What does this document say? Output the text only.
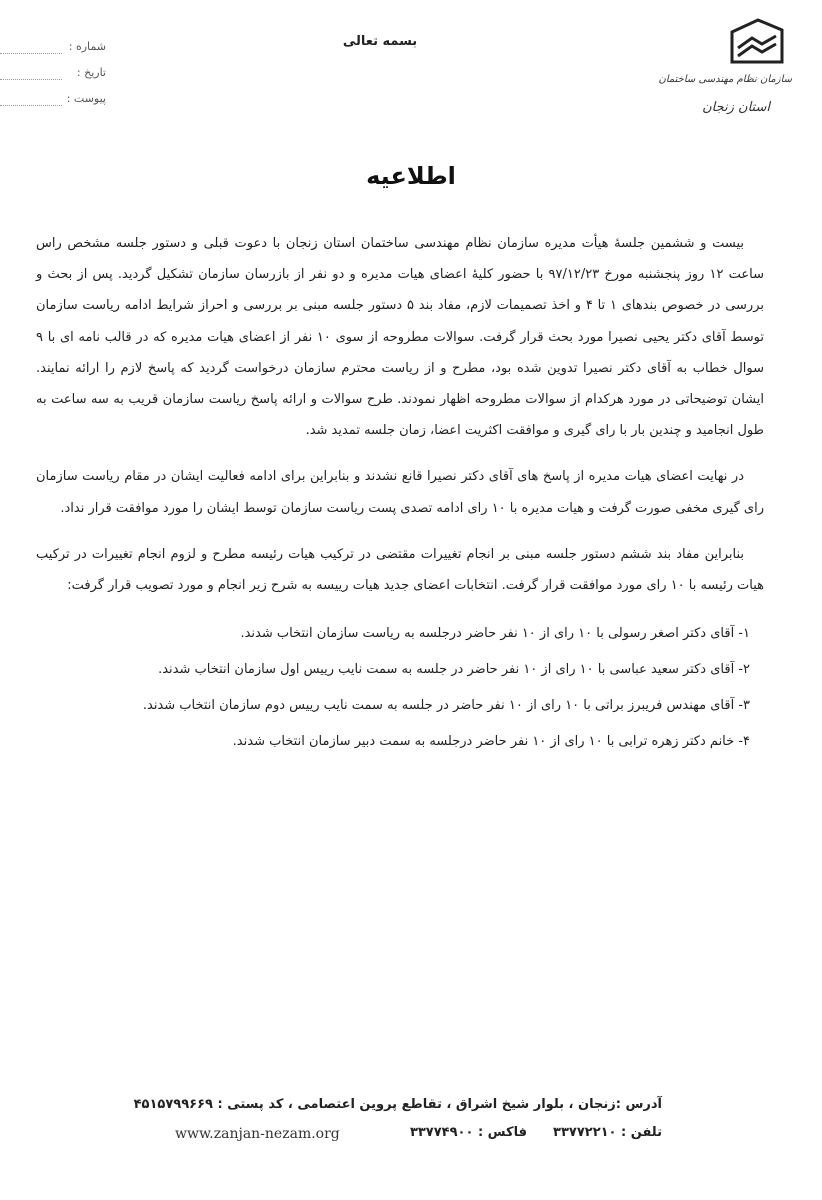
سازمان نظام مهندسی ساختمان
استان زنجان
بسمه تعالی
شماره :
تاریخ :
پیوست :
اطلاعیه

بیست و ششمین جلسهٔ هیأت مدیره سازمان نظام مهندسی ساختمان استان زنجان با دعوت قبلی و دستور جلسه مشخص راس ساعت ۱۲ روز پنجشنبه مورخ ۹۷/۱۲/۲۳ با حضور کلیهٔ اعضای هیات مدیره و دو نفر از بازرسان سازمان تشکیل گردید. پس از بحث و بررسی در خصوص بندهای ۱ تا ۴ و اخذ تصمیمات لازم، مفاد بند ۵ دستور جلسه مبنی بر بررسی و احراز شرایط ادامه ریاست سازمان توسط آقای دکتر یحیی نصیرا مورد بحث قرار گرفت. سوالات مطروحه از سوی ۱۰ نفر از اعضای هیات مدیره که در قالب نامه ای با ۹ سوال خطاب به آقای دکتر نصیرا تدوین شده بود، مطرح و از ریاست محترم سازمان درخواست گردید که پاسخ لازم را ارائه نمایند. ایشان توضیحاتی در مورد هرکدام از سوالات مطروحه اظهار نمودند. طرح سوالات و ارائه پاسخ ریاست سازمان قریب به سه ساعت به طول انجامید و چندین بار با رای گیری و موافقت اکثریت اعضا، زمان جلسه تمدید شد.

در نهایت اعضای هیات مدیره از پاسخ های آقای دکتر نصیرا قانع نشدند و بنابراین برای ادامه فعالیت ایشان در مقام ریاست سازمان رای گیری مخفی صورت گرفت و هیات مدیره با ۱۰ رای ادامه تصدی پست ریاست سازمان توسط ایشان را مورد موافقت قرار نداد.

بنابراین مفاد بند ششم دستور جلسه مبنی بر انجام تغییرات مقتضی در ترکیب هیات رئیسه مطرح و لزوم انجام تغییرات در ترکیب هیات رئیسه با ۱۰ رای مورد موافقت قرار گرفت. انتخابات اعضای جدید هیات رییسه به شرح زیر انجام و مورد تصویب قرار گرفت:

۱- آقای دکتر اصغر رسولی با ۱۰ رای از ۱۰ نفر حاضر درجلسه به ریاست سازمان انتخاب شدند.
۲- آقای دکتر سعید عباسی با ۱۰ رای از ۱۰ نفر حاضر در جلسه به سمت نایب رییس اول سازمان انتخاب شدند.
۳- آقای مهندس فریبرز براتی با ۱۰ رای از ۱۰ نفر حاضر در جلسه به سمت نایب رییس دوم سازمان انتخاب شدند.
۴- خانم دکتر زهره ترابی با ۱۰ رای از ۱۰ نفر حاضر درجلسه به سمت دبیر سازمان انتخاب شدند.
آدرس :زنجان ، بلوار شیخ اشراق ، تقاطع پروین اعتصامی ، کد پستی : ۴۵۱۵۷۹۹۶۶۹
تلفن : ۳۳۷۷۲۲۱۰فاکس : ۳۳۷۷۴۹۰۰
www.zanjan-nezam.org
